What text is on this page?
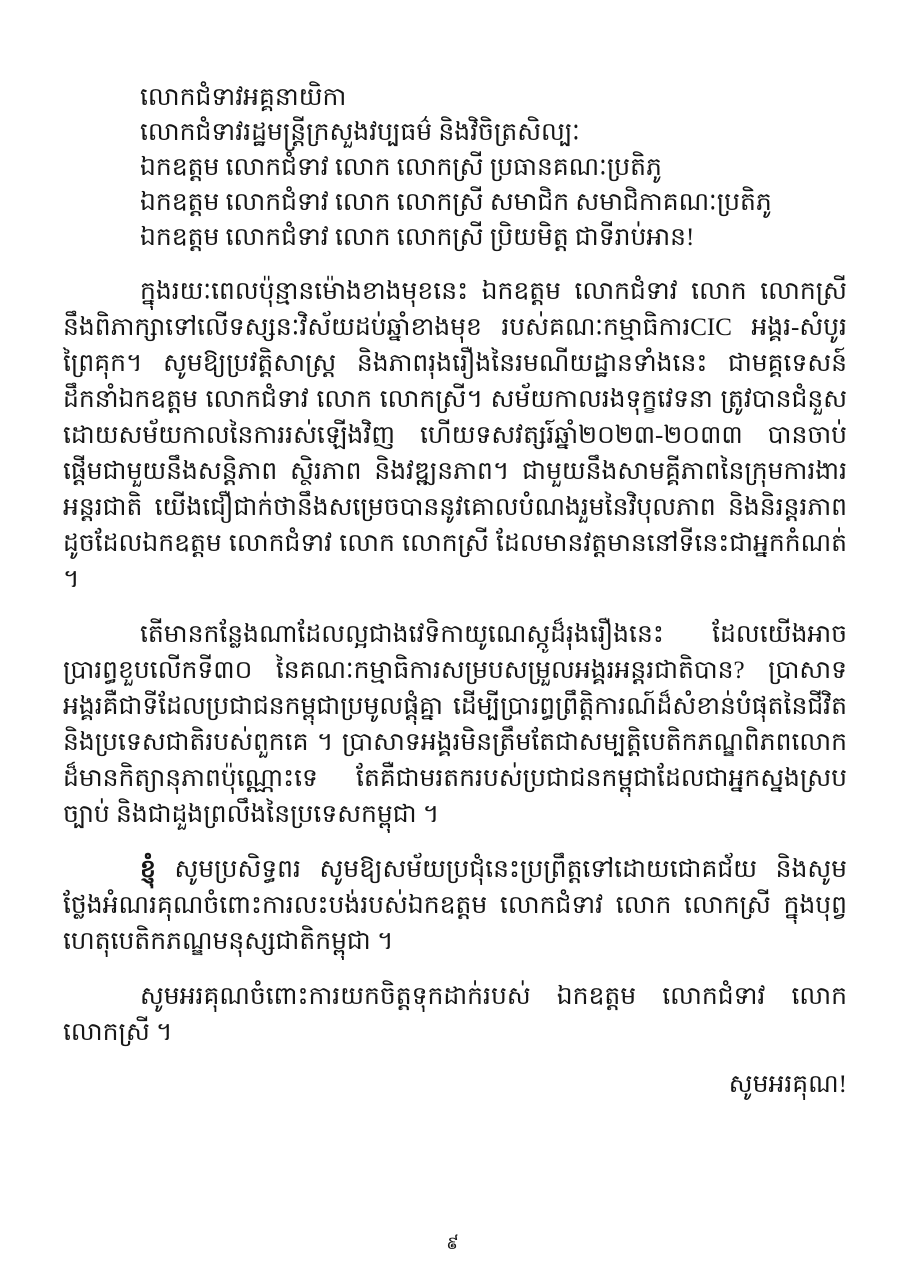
លោកជំទាវអគ្គនាយិកា
លោកជំទាវរដ្ឋមន្ត្រីក្រសួងវប្បធម៌ និងវិចិត្រសិល្បៈ
ឯកឧត្តម លោកជំទាវ លោក លោកស្រី ប្រធានគណៈប្រតិភូ
ឯកឧត្តម លោកជំទាវ លោក លោកស្រី សមាជិក សមាជិកាគណៈប្រតិភូ
ឯកឧត្តម លោកជំទាវ លោក លោកស្រី ប្រិយមិត្ត ជាទីរាប់អាន!

ក្នុងរយៈពេលប៉ុន្មានម៉ោងខាងមុខនេះ ឯកឧត្តម លោកជំទាវ លោក លោកស្រី នឹងពិភាក្សាទៅលើទស្សនៈវិស័យដប់ឆ្នាំខាងមុខ របស់គណៈកម្មាធិការCIC អង្គរ-សំបូរព្រៃគុក។ សូមឱ្យប្រវត្តិសាស្ត្រ និងភាពរុងរឿងនៃរមណីយដ្ឋានទាំងនេះ ជាមគ្គទេសន៍ដឹកនាំឯកឧត្តម លោកជំទាវ លោក លោកស្រី។ សម័យកាលរងទុក្ខវេទនា ត្រូវបានជំនួសដោយសម័យកាលនៃការរស់ឡើងវិញ ហើយទសវត្សរ៍ឆ្នាំ២០២៣-២០៣៣ បានចាប់ផ្ដើមជាមួយនឹងសន្តិភាព ស្ថិរភាព និងវឌ្ឍនភាព។ ជាមួយនឹងសាមគ្គីភាពនៃក្រុមការងារអន្តរជាតិ យើងជឿជាក់ថានឹងសម្រេចបាននូវគោលបំណងរួមនៃវិបុលភាព និងនិរន្តរភាព ដូចដែលឯកឧត្តម លោកជំទាវ លោក លោកស្រី ដែលមានវត្តមាននៅទីនេះជាអ្នកកំណត់ ។

តើមានកន្លែងណាដែលល្អជាងវេទិកាយូណេស្កូដ៏រុងរឿងនេះ ដែលយើងអាចប្រារព្ធខួបលើកទី៣០ នៃគណៈកម្មាធិការសម្របសម្រួលអង្គរអន្តរជាតិបាន? ប្រាសាទអង្គរគឺជាទីដែលប្រជាជនកម្ពុជាប្រមូលផ្តុំគ្នា ដើម្បីប្រារព្ធព្រឹត្តិការណ៍ដ៏សំខាន់បំផុតនៃជីវិត និងប្រទេសជាតិរបស់ពួកគេ ។ ប្រាសាទអង្គរមិនត្រឹមតែជាសម្បត្តិបេតិកភណ្ឌពិភពលោកដ៏មានកិត្យានុភាពប៉ុណ្ណោះទេ តែគឺជាមរតករបស់ប្រជាជនកម្ពុជាដែលជាអ្នកស្នងស្របច្បាប់ និងជាដួងព្រលឹងនៃប្រទេសកម្ពុជា ។

ខ្ញុំ សូមប្រសិទ្ធពរ សូមឱ្យសម័យប្រជុំនេះប្រព្រឹត្តទៅដោយជោគជ័យ និងសូមថ្លែងអំណរគុណចំពោះការលះបង់របស់ឯកឧត្តម លោកជំទាវ លោក លោកស្រី ក្នុងបុព្វហេតុបេតិកភណ្ឌមនុស្សជាតិកម្ពុជា ។

សូមអរគុណចំពោះការយកចិត្តទុកដាក់របស់ ឯកឧត្តម លោកជំទាវ លោក លោកស្រី ។

សូមអរគុណ!

៩
